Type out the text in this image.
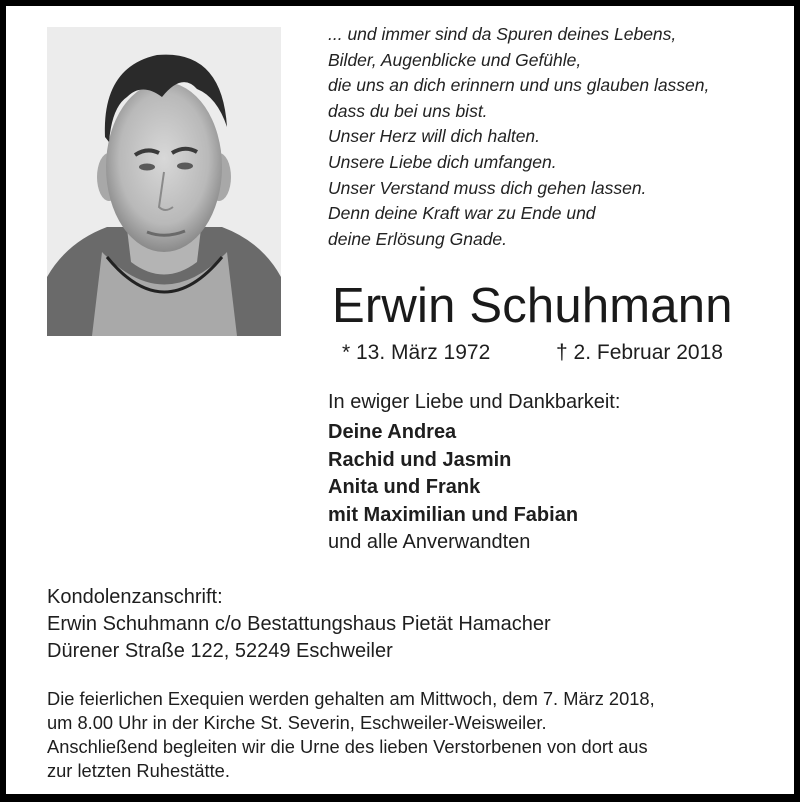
... und immer sind da Spuren deines Lebens,
Bilder, Augenblicke und Gefühle,
die uns an dich erinnern und uns glauben lassen,
dass du bei uns bist.
Unser Herz will dich halten.
Unsere Liebe dich umfangen.
Unser Verstand muss dich gehen lassen.
Denn deine Kraft war zu Ende und
deine Erlösung Gnade.
Erwin Schuhmann
* 13. März 1972	† 2. Februar 2018
In ewiger Liebe und Dankbarkeit:
Deine Andrea
Rachid und Jasmin
Anita und Frank
mit Maximilian und Fabian
und alle Anverwandten
Kondolenzanschrift:
Erwin Schuhmann c/o Bestattungshaus Pietät Hamacher
Dürener Straße 122, 52249 Eschweiler
Die feierlichen Exequien werden gehalten am Mittwoch, dem 7. März 2018,
um 8.00 Uhr in der Kirche St. Severin, Eschweiler-Weisweiler.
Anschließend begleiten wir die Urne des lieben Verstorbenen von dort aus
zur letzten Ruhestätte.
